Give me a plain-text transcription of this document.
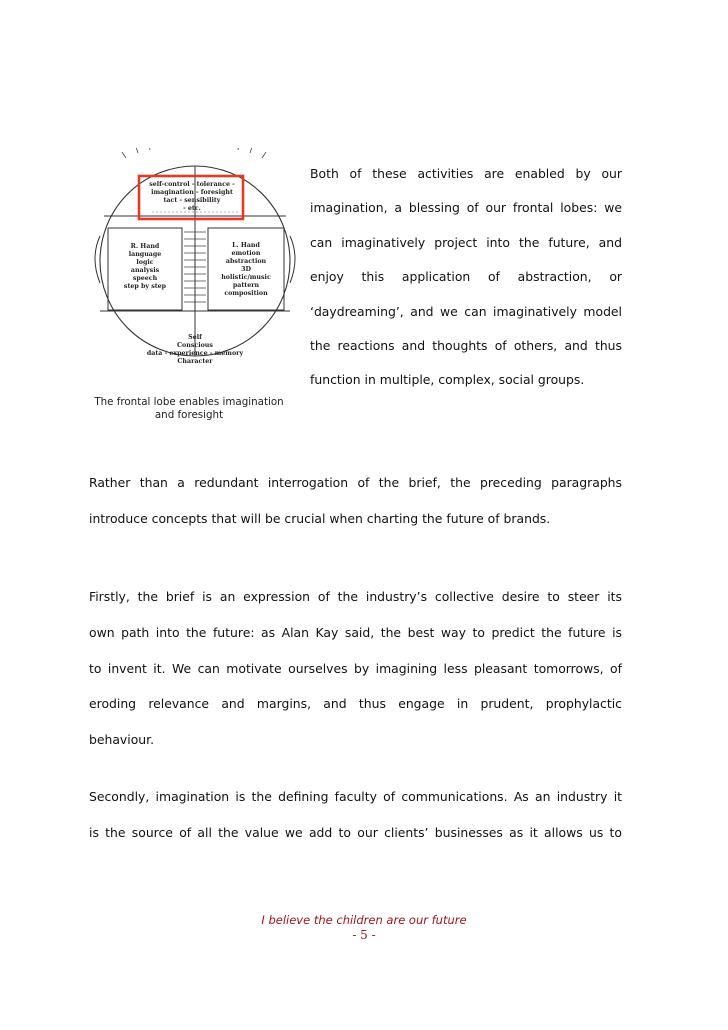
self-control - tolerance -
imagination - foresight
tact - sensibility
- etc.
R. Hand
language
logic
analysis
speech
step by step
L. Hand
emotion
abstraction
3D
holistic/music
pattern
composition
Self
Conscious
data - experience - memory
Character
The frontal lobe enables imagination and foresight
Both of these activities are enabled by our
imagination, a blessing of our frontal lobes: we
can imaginatively project into the future, and
enjoy this application of abstraction, or
‘daydreaming’, and we can imaginatively model
the reactions and thoughts of others, and thus
function in multiple, complex, social groups.
Rather than a redundant interrogation of the brief, the preceding paragraphs
introduce concepts that will be crucial when charting the future of brands.
Firstly, the brief is an expression of the industry’s collective desire to steer its
own path into the future: as Alan Kay said, the best way to predict the future is
to invent it. We can motivate ourselves by imagining less pleasant tomorrows, of
eroding relevance and margins, and thus engage in prudent, prophylactic
behaviour.
Secondly, imagination is the defining faculty of communications. As an industry it
is the source of all the value we add to our clients’ businesses as it allows us to
I believe the children are our future
- 5 -
